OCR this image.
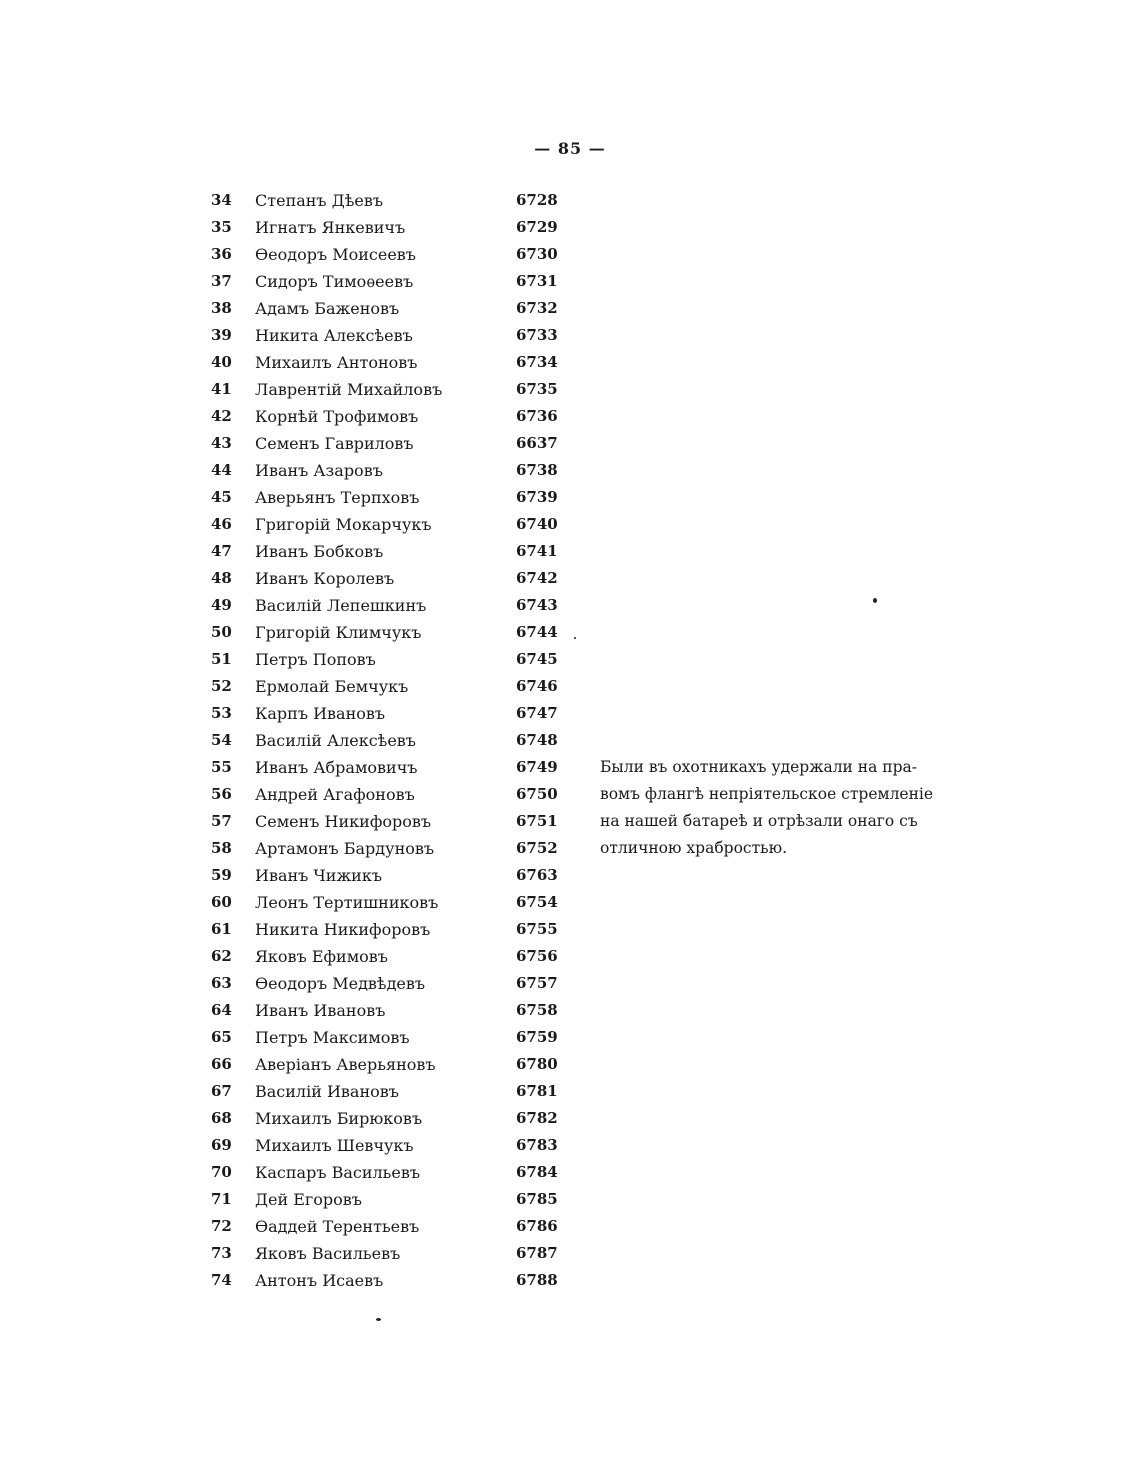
— 85 —
34	Степанъ Дѣевъ	6728
35	Игнатъ Янкевичъ	6729
36	Өеодоръ Моисеевъ	6730
37	Сидоръ Тимоѳеевъ	6731
38	Адамъ Баженовъ	6732
39	Никита Алексѣевъ	6733
40	Михаилъ Антоновъ	6734
41	Лаврентій Михайловъ	6735
42	Корнѣй Трофимовъ	6736
43	Семенъ Гавриловъ	6637
44	Иванъ Азаровъ	6738
45	Аверьянъ Терпховъ	6739
46	Григорій Мокарчукъ	6740
47	Иванъ Бобковъ	6741
48	Иванъ Королевъ	6742
49	Василій Лепешкинъ	6743
50	Григорій Климчукъ	6744
51	Петръ Поповъ	6745
52	Ермолай Бемчукъ	6746
53	Карпъ Ивановъ	6747
54	Василій Алексѣевъ	6748
55	Иванъ Абрамовичъ	6749
56	Андрей Агафоновъ	6750
57	Семенъ Никифоровъ	6751
58	Артамонъ Бардуновъ	6752
59	Иванъ Чижикъ	6763
60	Леонъ Тертишниковъ	6754
61	Никита Никифоровъ	6755
62	Яковъ Ефимовъ	6756
63	Өеодоръ Медвѣдевъ	6757
64	Иванъ Ивановъ	6758
65	Петръ Максимовъ	6759
66	Аверіанъ Аверьяновъ	6780
67	Василій Ивановъ	6781
68	Михаилъ Бирюковъ	6782
69	Михаилъ Шевчукъ	6783
70	Каспаръ Васильевъ	6784
71	Дей Егоровъ	6785
72	Өаддей Терентьевъ	6786
73	Яковъ Васильевъ	6787
74	Антонъ Исаевъ	6788
Были въ охотникахъ удержали на пра-
вомъ флангѣ непріятельское стремленіе
на нашей батареѣ и отрѣзали онаго съ
отличною храбростью.
